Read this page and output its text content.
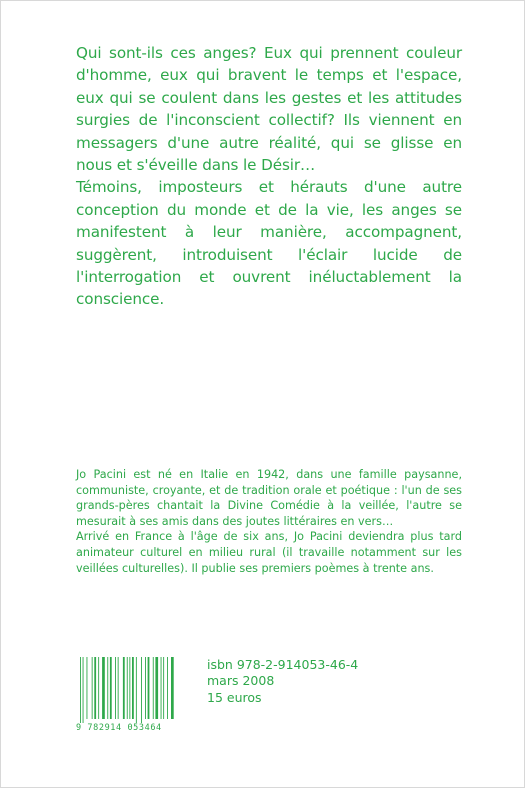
Qui sont-ils ces anges? Eux qui prennent couleur d'homme, eux qui bravent le temps et l'espace, eux qui se coulent dans les gestes et les attitudes surgies de l'inconscient collectif? Ils viennent en messagers d'une autre réalité, qui se glisse en nous et s'éveille dans le Désir…

Témoins, imposteurs et hérauts d'une autre conception du monde et de la vie, les anges se manifestent à leur manière, accompagnent, suggèrent, introduisent l'éclair lucide de l'interrogation et ouvrent inéluctablement la conscience.

Jo Pacini est né en Italie en 1942, dans une famille paysanne, communiste, croyante, et de tradition orale et poétique : l'un de ses grands-pères chantait la Divine Comédie à la veillée, l'autre se mesurait à ses amis dans des joutes littéraires en vers…

Arrivé en France à l'âge de six ans, Jo Pacini deviendra plus tard animateur culturel en milieu rural (il travaille notamment sur les veillées culturelles). Il publie ses premiers poèmes à trente ans.

9 782914 053464
isbn 978-2-914053-46-4
mars 2008
15 euros
